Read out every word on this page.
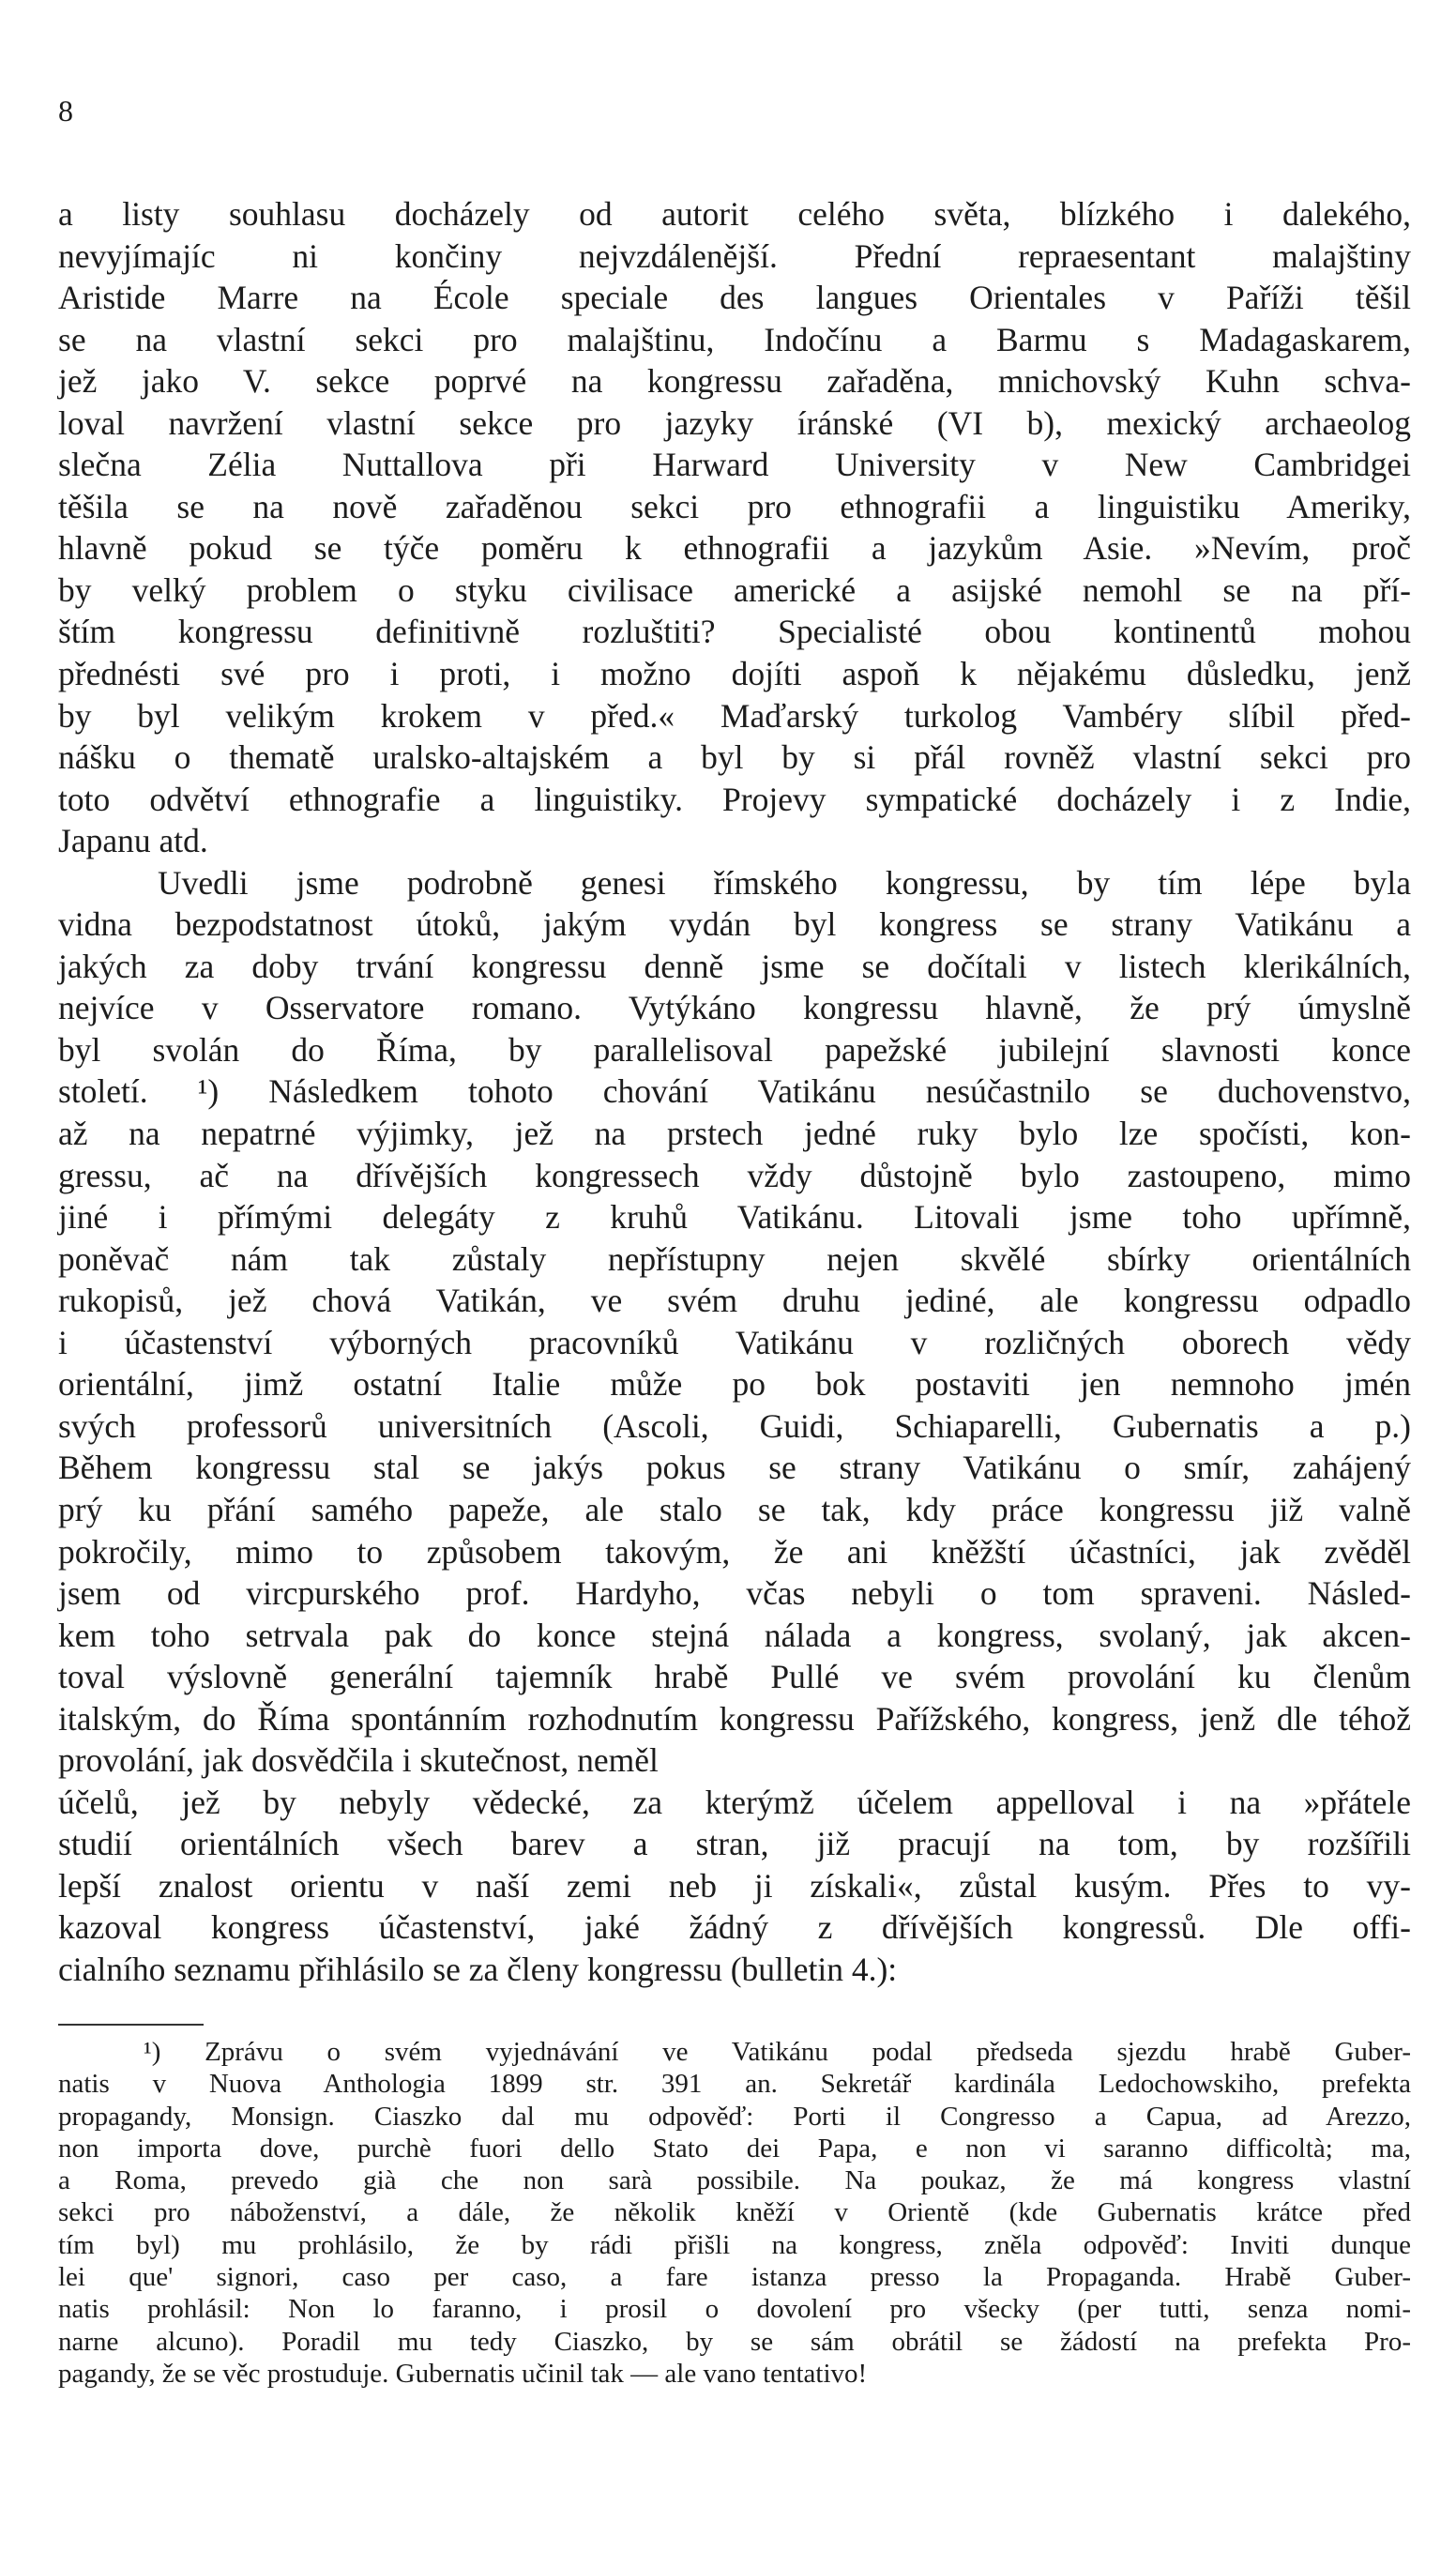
8
a listy souhlasu docházely od autorit celého světa, blízkého i dalekého,
nevyjímajíc ni končiny nejvzdálenější. Přední repraesentant malajštiny
Aristide Marre na École speciale des langues Orientales v Paříži těšil
se na vlastní sekci pro malajštinu, Indočínu a Barmu s Madagaskarem,
jež jako V. sekce poprvé na kongressu zařaděna, mnichovský Kuhn schva-
loval navržení vlastní sekce pro jazyky íránské (VI b), mexický archaeolog
slečna Zélia Nuttallova při Harward University v New Cambridgei
těšila se na nově zařaděnou sekci pro ethnografii a linguistiku Ameriky,
hlavně pokud se týče poměru k ethnografii a jazykům Asie. »Nevím, proč
by velký problem o styku civilisace americké a asijské nemohl se na pří-
štím kongressu definitivně rozluštiti? Specialisté obou kontinentů mohou
přednésti své pro i proti, i možno dojíti aspoň k nějakému důsledku, jenž
by byl velikým krokem v před.« Maďarský turkolog Vambéry slíbil před-
nášku o thematě uralsko-altajském a byl by si přál rovněž vlastní sekci pro
toto odvětví ethnografie a linguistiky. Projevy sympatické docházely i z Indie,
Japanu atd.
Uvedli jsme podrobně genesi římského kongressu, by tím lépe byla
vidna bezpodstatnost útoků, jakým vydán byl kongress se strany Vatikánu a
jakých za doby trvání kongressu denně jsme se dočítali v listech klerikálních,
nejvíce v Osservatore romano. Vytýkáno kongressu hlavně, že prý úmyslně
byl svolán do Říma, by parallelisoval papežské jubilejní slavnosti konce
století. ¹) Následkem tohoto chování Vatikánu nesúčastnilo se duchovenstvo,
až na nepatrné výjimky, jež na prstech jedné ruky bylo lze spočísti, kon-
gressu, ač na dřívějších kongressech vždy důstojně bylo zastoupeno, mimo
jiné i přímými delegáty z kruhů Vatikánu. Litovali jsme toho upřímně,
poněvač nám tak zůstaly nepřístupny nejen skvělé sbírky orientálních
rukopisů, jež chová Vatikán, ve svém druhu jediné, ale kongressu odpadlo
i účastenství výborných pracovníků Vatikánu v rozličných oborech vědy
orientální, jimž ostatní Italie může po bok postaviti jen nemnoho jmén
svých professorů universitních (Ascoli, Guidi, Schiaparelli, Gubernatis a p.)
Během kongressu stal se jakýs pokus se strany Vatikánu o smír, zahájený
prý ku přání samého papeže, ale stalo se tak, kdy práce kongressu již valně
pokročily, mimo to způsobem takovým, že ani kněžští účastníci, jak zvěděl
jsem od vircpurského prof. Hardyho, včas nebyli o tom spraveni. Násled-
kem toho setrvala pak do konce stejná nálada a kongress, svolaný, jak akcen-
toval výslovně generální tajemník hrabě Pullé ve svém provolání ku členům
italským, do Říma spontánním rozhodnutím kongressu Pařížského, kongress, jenž dle téhož provolání, jak dosvědčila i skutečnost, neměl
účelů, jež by nebyly vědecké, za kterýmž účelem appelloval i na »přátele
studií orientálních všech barev a stran, již pracují na tom, by rozšířili
lepší znalost orientu v naší zemi neb ji získali«, zůstal kusým. Přes to vy-
kazoval kongress účastenství, jaké žádný z dřívějších kongressů. Dle offi-
cialního seznamu přihlásilo se za členy kongressu (bulletin 4.):
¹) Zprávu o svém vyjednávání ve Vatikánu podal předseda sjezdu hrabě Guber-
natis v Nuova Anthologia 1899 str. 391 an. Sekretář kardinála Ledochowskiho, prefekta
propagandy, Monsign. Ciaszko dal mu odpověď: Porti il Congresso a Capua, ad Arezzo,
non importa dove, purchè fuori dello Stato dei Papa, e non vi saranno difficoltà; ma,
a Roma, prevedo già che non sarà possibile. Na poukaz, že má kongress vlastní
sekci pro náboženství, a dále, že několik kněží v Orientě (kde Gubernatis krátce před
tím byl) mu prohlásilo, že by rádi přišli na kongress, zněla odpověď: Inviti dunque
lei que' signori, caso per caso, a fare istanza presso la Propaganda. Hrabě Guber-
natis prohlásil: Non lo faranno, i prosil o dovolení pro všecky (per tutti, senza nomi-
narne alcuno). Poradil mu tedy Ciaszko, by se sám obrátil se žádostí na prefekta Pro-
pagandy, že se věc prostuduje. Gubernatis učinil tak — ale vano tentativo!
